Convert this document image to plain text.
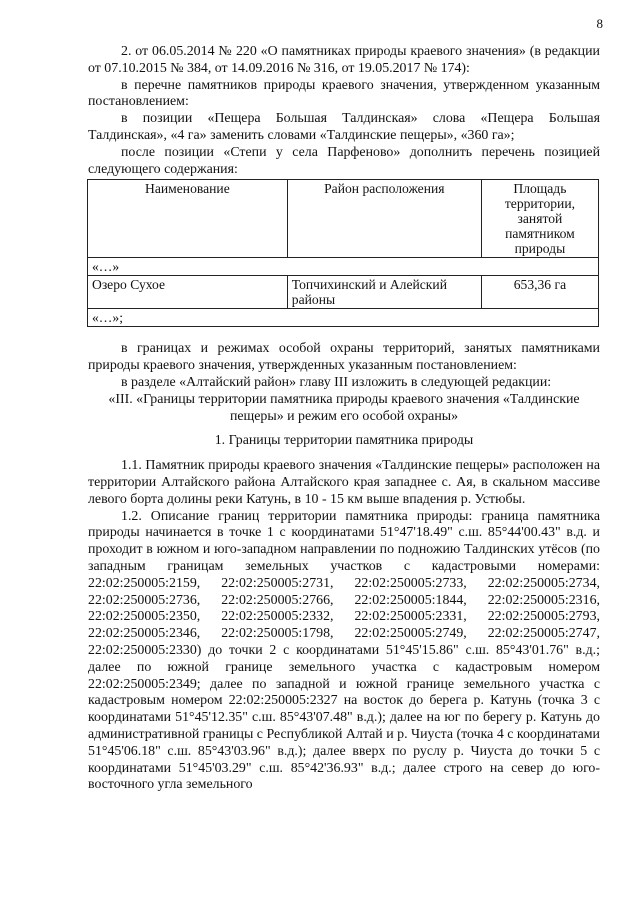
8

2. от 06.05.2014 № 220 «О памятниках природы краевого значения» (в редакции от 07.10.2015 № 384, от 14.09.2016 № 316, от 19.05.2017 № 174):

в перечне памятников природы краевого значения, утвержденном указанным постановлением:

в позиции «Пещера Большая Талдинская» слова «Пещера Большая Талдинская», «4 га» заменить словами «Талдинские пещеры», «360 га»;

после позиции «Степи у села Парфеново» дополнить перечень позицией следующего содержания:

Наименование	Район расположения	Площадь территории, занятой памятником природы
«…»		
Озеро Сухое	Топчихинский и Алейский районы	653,36 га
«…»;		

в границах и режимах особой охраны территорий, занятых памятниками природы краевого значения, утвержденных указанным постановлением:

в разделе «Алтайский район» главу III изложить в следующей редакции:

«III. «Границы территории памятника природы краевого значения «Талдинские пещеры» и режим его особой охраны»

1. Границы территории памятника природы

1.1. Памятник природы краевого значения «Талдинские пещеры» расположен на территории Алтайского района Алтайского края западнее с. Ая, в скальном массиве левого борта долины реки Катунь, в 10 - 15 км выше впадения р. Устюбы.

1.2. Описание границ территории памятника природы: граница памятника природы начинается в точке 1 с координатами 51°47'18.49" с.ш. 85°44'00.43" в.д. и проходит в южном и юго-западном направлении по подножию Талдинских утёсов (по западным границам земельных участков с кадастровыми номерами: 22:02:250005:2159, 22:02:250005:2731, 22:02:250005:2733, 22:02:250005:2734, 22:02:250005:2736, 22:02:250005:2766, 22:02:250005:1844, 22:02:250005:2316, 22:02:250005:2350, 22:02:250005:2332, 22:02:250005:2331, 22:02:250005:2793, 22:02:250005:2346, 22:02:250005:1798, 22:02:250005:2749, 22:02:250005:2747, 22:02:250005:2330) до точки 2 с координатами 51°45'15.86" с.ш. 85°43'01.76" в.д.; далее по южной границе земельного участка с кадастровым номером 22:02:250005:2349; далее по западной и южной границе земельного участка с кадастровым номером 22:02:250005:2327 на восток до берега р. Катунь (точка 3 с координатами 51°45'12.35" с.ш. 85°43'07.48" в.д.); далее на юг по берегу р. Катунь до административной границы с Республикой Алтай и р. Чиуста (точка 4 с координатами 51°45'06.18" с.ш. 85°43'03.96" в.д.); далее вверх по руслу р. Чиуста до точки 5 с координатами 51°45'03.29" с.ш. 85°42'36.93" в.д.; далее строго на север до юго-восточного угла земельного
